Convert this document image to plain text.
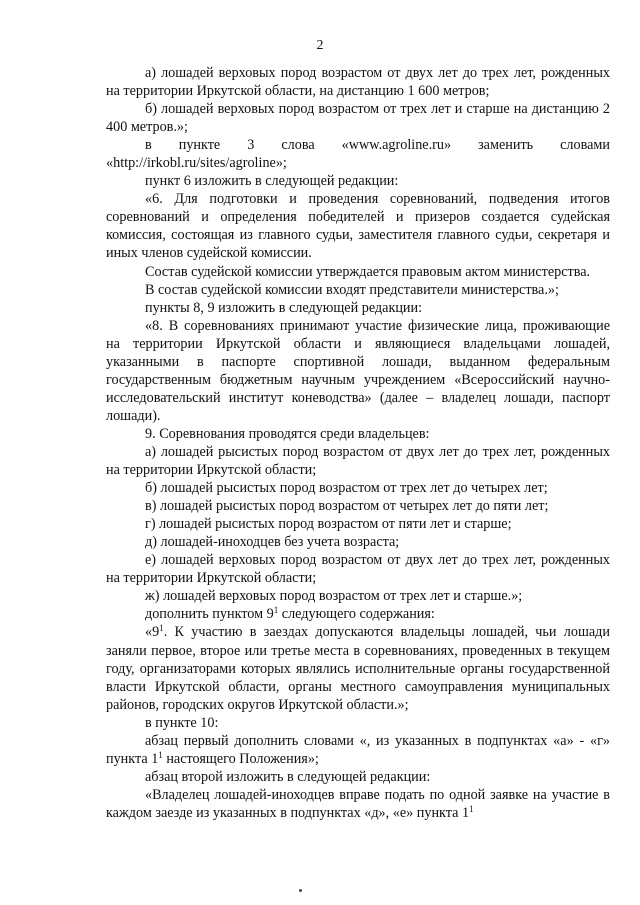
2

а) лошадей верховых пород возрастом от двух лет до трех лет, рожденных на территории Иркутской области, на дистанцию 1 600 метров;

б) лошадей верховых пород возрастом от трех лет и старше на дистанцию 2 400 метров.»;

в пункте 3 слова «www.agroline.ru» заменить словами «http://irkobl.ru/sites/agroline»;

пункт 6 изложить в следующей редакции:

«6. Для подготовки и проведения соревнований, подведения итогов соревнований и определения победителей и призеров создается судейская комиссия, состоящая из главного судьи, заместителя главного судьи, секретаря и иных членов судейской комиссии.

Состав судейской комиссии утверждается правовым актом министерства.

В состав судейской комиссии входят представители министерства.»;

пункты 8, 9 изложить в следующей редакции:

«8. В соревнованиях принимают участие физические лица, проживающие на территории Иркутской области и являющиеся владельцами лошадей, указанными в паспорте спортивной лошади, выданном федеральным государственным бюджетным научным учреждением «Всероссийский научно-исследовательский институт коневодства» (далее – владелец лошади, паспорт лошади).

9. Соревнования проводятся среди владельцев:

а) лошадей рысистых пород возрастом от двух лет до трех лет, рожденных на территории Иркутской области;

б) лошадей рысистых пород возрастом от трех лет до четырех лет;

в) лошадей рысистых пород возрастом от четырех лет до пяти лет;

г) лошадей рысистых пород возрастом от пяти лет и старше;

д) лошадей-иноходцев без учета возраста;

е) лошадей верховых пород возрастом от двух лет до трех лет, рожденных на территории Иркутской области;

ж) лошадей верховых пород возрастом от трех лет и старше.»;

дополнить пунктом $9^1$ следующего содержания:

«$9^1$. К участию в заездах допускаются владельцы лошадей, чьи лошади заняли первое, второе или третье места в соревнованиях, проведенных в текущем году, организаторами которых являлись исполнительные органы государственной власти Иркутской области, органы местного самоуправления муниципальных районов, городских округов Иркутской области.»;

в пункте 10:

абзац первый дополнить словами «, из указанных в подпунктах «а» - «г» пункта $1^1$ настоящего Положения»;

абзац второй изложить в следующей редакции:

«Владелец лошадей-иноходцев вправе подать по одной заявке на участие в каждом заезде из указанных в подпунктах «д», «е» пункта $1^1$
